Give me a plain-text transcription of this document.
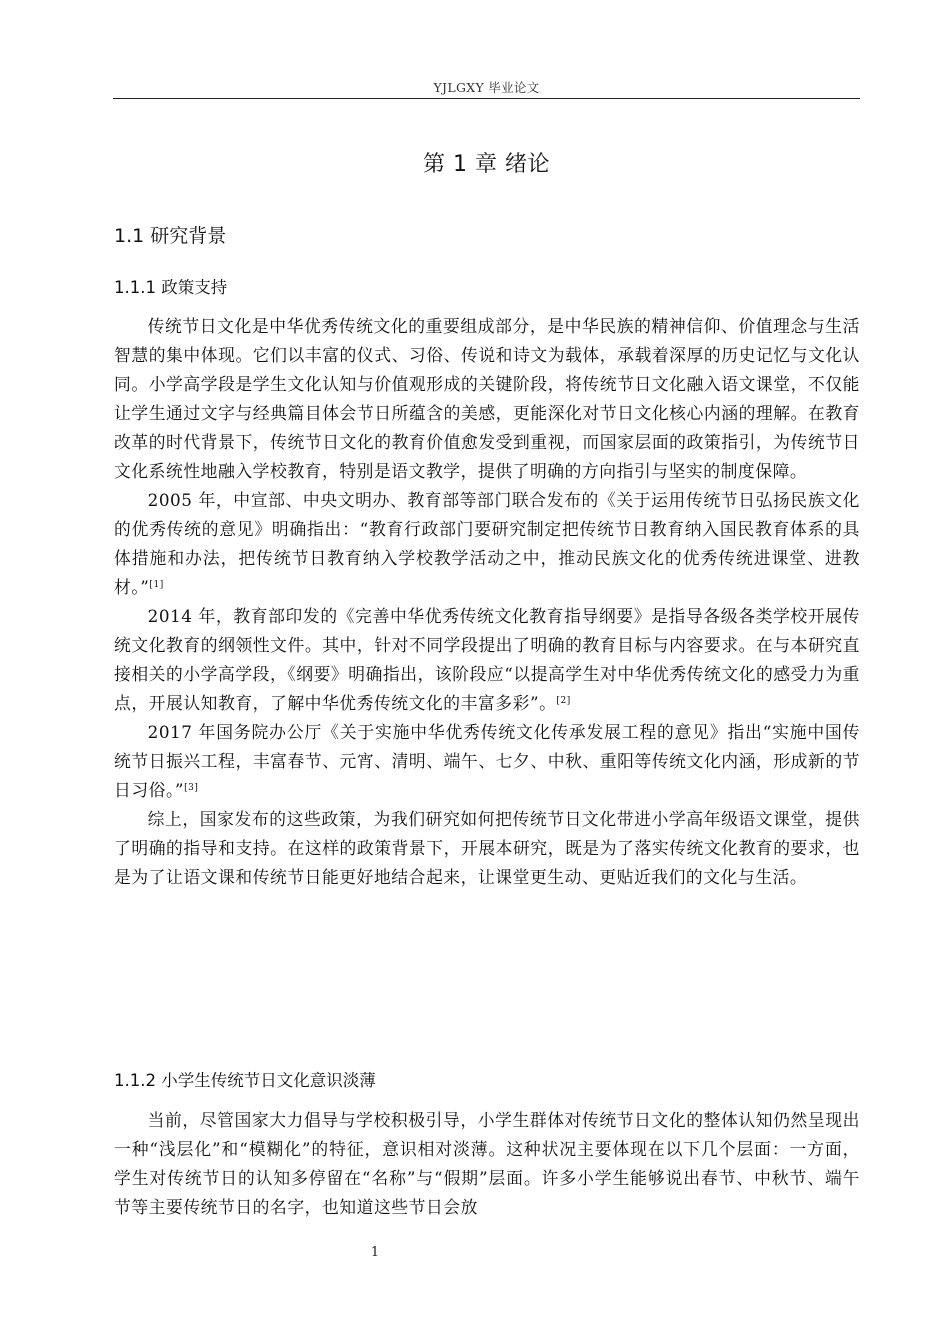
YJLGXY 毕业论文
第 1 章 绪论
1.1 研究背景
1.1.1 政策支持

传统节日文化是中华优秀传统文化的重要组成部分，是中华民族的精神信仰、价值理念与生活智慧的集中体现。它们以丰富的仪式、习俗、传说和诗文为载体，承载着深厚的历史记忆与文化认同。小学高学段是学生文化认知与价值观形成的关键阶段，将传统节日文化融入语文课堂，不仅能让学生通过文字与经典篇目体会节日所蕴含的美感，更能深化对节日文化核心内涵的理解。在教育改革的时代背景下，传统节日文化的教育价值愈发受到重视，而国家层面的政策指引，为传统节日文化系统性地融入学校教育，特别是语文教学，提供了明确的方向指引与坚实的制度保障。

2005 年，中宣部、中央文明办、教育部等部门联合发布的《关于运用传统节日弘扬民族文化的优秀传统的意见》明确指出：“教育行政部门要研究制定把传统节日教育纳入国民教育体系的具体措施和办法，把传统节日教育纳入学校教学活动之中，推动民族文化的优秀传统进课堂、进教材。”[1]

2014 年，教育部印发的《完善中华优秀传统文化教育指导纲要》是指导各级各类学校开展传统文化教育的纲领性文件。其中，针对不同学段提出了明确的教育目标与内容要求。在与本研究直接相关的小学高学段，《纲要》明确指出，该阶段应“以提高学生对中华优秀传统文化的感受力为重点，开展认知教育，了解中华优秀传统文化的丰富多彩”。[2]

2017 年国务院办公厅《关于实施中华优秀传统文化传承发展工程的意见》指出“实施中国传统节日振兴工程，丰富春节、元宵、清明、端午、七夕、中秋、重阳等传统文化内涵，形成新的节日习俗。”[3]

综上，国家发布的这些政策，为我们研究如何把传统节日文化带进小学高年级语文课堂，提供了明确的指导和支持。在这样的政策背景下，开展本研究，既是为了落实传统文化教育的要求，也是为了让语文课和传统节日能更好地结合起来，让课堂更生动、更贴近我们的文化与生活。

1.1.2 小学生传统节日文化意识淡薄

当前，尽管国家大力倡导与学校积极引导，小学生群体对传统节日文化的整体认知仍然呈现出一种“浅层化”和“模糊化”的特征，意识相对淡薄。这种状况主要体现在以下几个层面：一方面，学生对传统节日的认知多停留在“名称”与“假期”层面。许多小学生能够说出春节、中秋节、端午节等主要传统节日的名字，也知道这些节日会放

1
